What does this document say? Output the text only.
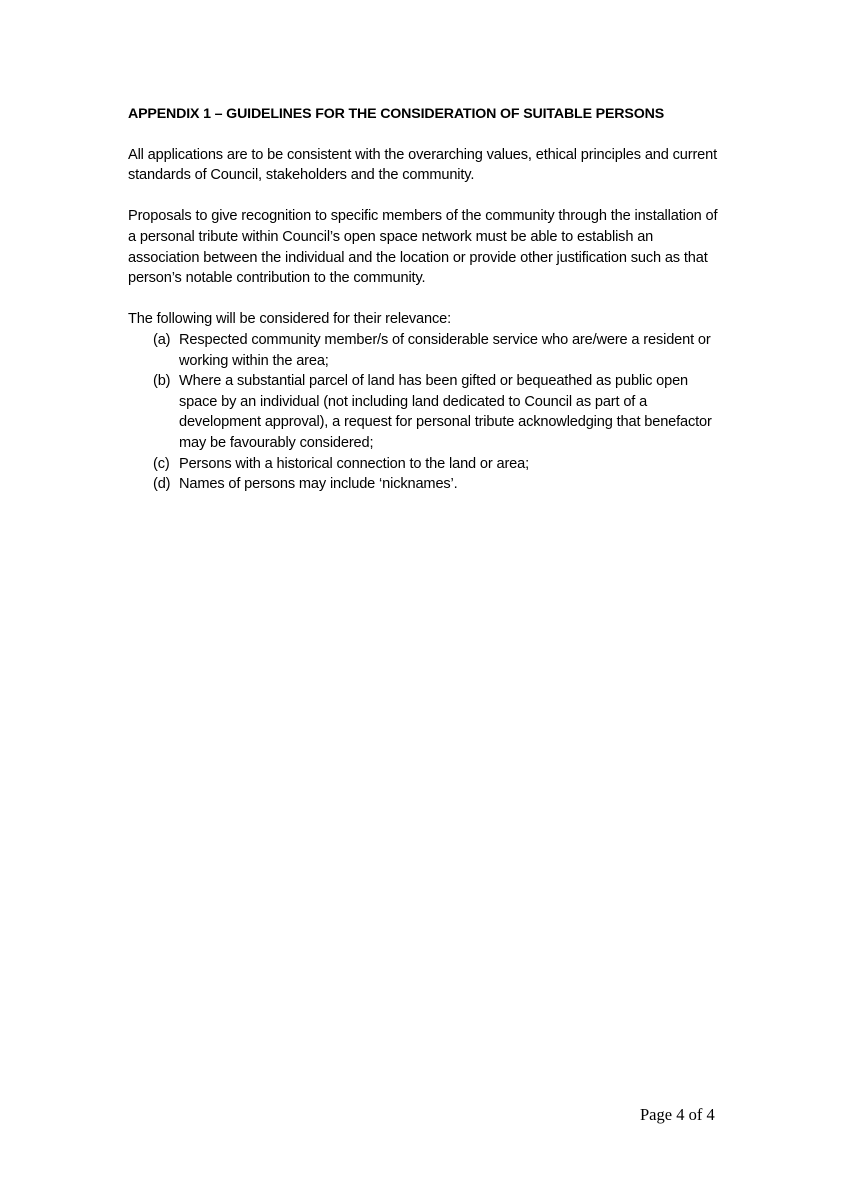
APPENDIX 1 – GUIDELINES FOR THE CONSIDERATION OF SUITABLE PERSONS

All applications are to be consistent with the overarching values, ethical principles and current standards of Council, stakeholders and the community.

Proposals to give recognition to specific members of the community through the installation of a personal tribute within Council’s open space network must be able to establish an association between the individual and the location or provide other justification such as that person’s notable contribution to the community.

The following will be considered for their relevance:

(a) Respected community member/s of considerable service who are/were a resident or working within the area;
(b) Where a substantial parcel of land has been gifted or bequeathed as public open space by an individual (not including land dedicated to Council as part of a development approval), a request for personal tribute acknowledging that benefactor may be favourably considered;
(c) Persons with a historical connection to the land or area;
(d) Names of persons may include ‘nicknames’.
Page 4 of 4
